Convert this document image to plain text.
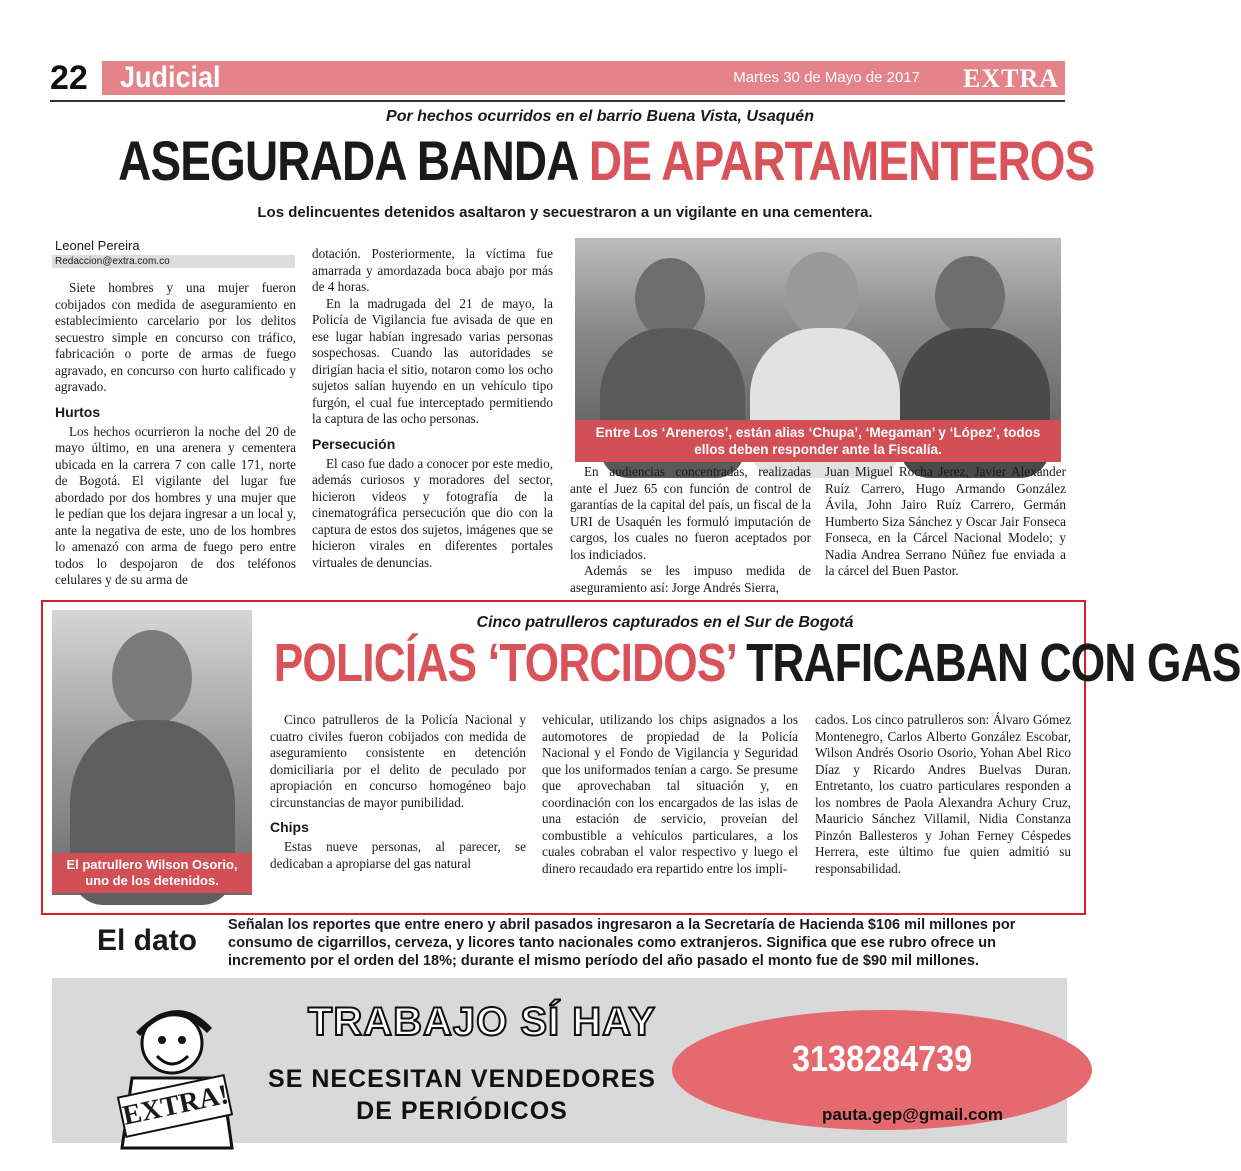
22	Judicial	Martes 30 de Mayo de 2017 EXTRA
Por hechos ocurridos en el barrio Buena Vista, Usaquén
ASEGURADA BANDA DE APARTAMENTEROS
Los delincuentes detenidos asaltaron y secuestraron a un vigilante en una cementera.
Leonel Pereira
Redaccion@extra.com.co

Siete hombres y una mujer fueron cobijados con medida de aseguramiento en establecimiento carcelario por los delitos secuestro simple en concurso con tráfico, fabricación o porte de armas de fuego agravado, en concurso con hurto calificado y agravado.

Hurtos

Los hechos ocurrieron la noche del 20 de mayo último, en una arenera y cementera ubicada en la carrera 7 con calle 171, norte de Bogotá. El vigilante del lugar fue abordado por dos hombres y una mujer que le pedían que los dejara ingresar a un local y, ante la negativa de este, uno de los hombres lo amenazó con arma de fuego pero entre todos lo despojaron de dos teléfonos celulares y de su arma de

dotación. Posteriormente, la víctima fue amarrada y amordazada boca abajo por más de 4 horas.

En la madrugada del 21 de mayo, la Policía de Vigilancia fue avisada de que en ese lugar habían ingresado varias personas sospechosas. Cuando las autoridades se dirigían hacia el sitio, notaron como los ocho sujetos salían huyendo en un vehículo tipo furgón, el cual fue interceptado permitiendo la captura de las ocho personas.

Persecución

El caso fue dado a conocer por este medio, además curiosos y moradores del sector, hicieron videos y fotografía de la cinematográfica persecución que dio con la captura de estos dos sujetos, imágenes que se hicieron virales en diferentes portales virtuales de denuncias.

Entre Los ‘Areneros’, están alias ‘Chupa’, ‘Megaman’ y ‘López’, todos ellos deben responder ante la Fiscalía.

En audiencias concentradas, realizadas ante el Juez 65 con función de control de garantías de la capital del país, un fiscal de la URI de Usaquén les formuló imputación de cargos, los cuales no fueron aceptados por los indiciados.

Además se les impuso medida de aseguramiento así: Jorge Andrés Sierra,

Juan Miguel Rocha Jerez, Javier Alexander Ruíz Carrero, Hugo Armando González Ávila, John Jairo Ruíz Carrero, Germán Humberto Siza Sánchez y Oscar Jair Fonseca Fonseca, en la Cárcel Nacional Modelo; y Nadia Andrea Serrano Núñez fue enviada a la cárcel del Buen Pastor.

El patrullero Wilson Osorio, uno de los detenidos.
Cinco patrulleros capturados en el Sur de Bogotá
POLICÍAS ‘TORCIDOS’ TRAFICABAN CON GAS

Cinco patrulleros de la Policía Nacional y cuatro civiles fueron cobijados con medida de aseguramiento consistente en detención domiciliaria por el delito de peculado por apropiación en concurso homogéneo bajo circunstancias de mayor punibilidad.

Chips

Estas nueve personas, al parecer, se dedicaban a apropiarse del gas natural

vehicular, utilizando los chips asignados a los automotores de propiedad de la Policía Nacional y el Fondo de Vigilancia y Seguridad que los uniformados tenían a cargo. Se presume que aprovechaban tal situación y, en coordinación con los encargados de las islas de una estación de servicio, proveían del combustible a vehículos particulares, a los cuales cobraban el valor respectivo y luego el dinero recaudado era repartido entre los impli-

cados. Los cinco patrulleros son: Álvaro Gómez Montenegro, Carlos Alberto González Escobar, Wilson Andrés Osorio Osorio, Yohan Abel Rico Díaz y Ricardo Andres Buelvas Duran. Entretanto, los cuatro particulares responden a los nombres de Paola Alexandra Achury Cruz, Mauricio Sánchez Villamil, Nidia Constanza Pinzón Ballesteros y Johan Ferney Céspedes Herrera, este último fue quien admitió su responsabilidad.

El dato Señalan los reportes que entre enero y abril pasados ingresaron a la Secretaría de Hacienda $106 mil millones por consumo de cigarrillos, cerveza, y licores tanto nacionales como extranjeros. Significa que ese rubro ofrece un incremento por el orden del 18%; durante el mismo período del año pasado el monto fue de $90 mil millones.
EXTRA!
TRABAJO SÍ HAY
SE NECESITAN VENDEDORES
DE PERIÓDICOS
3138284739
pauta.gep@gmail.com
